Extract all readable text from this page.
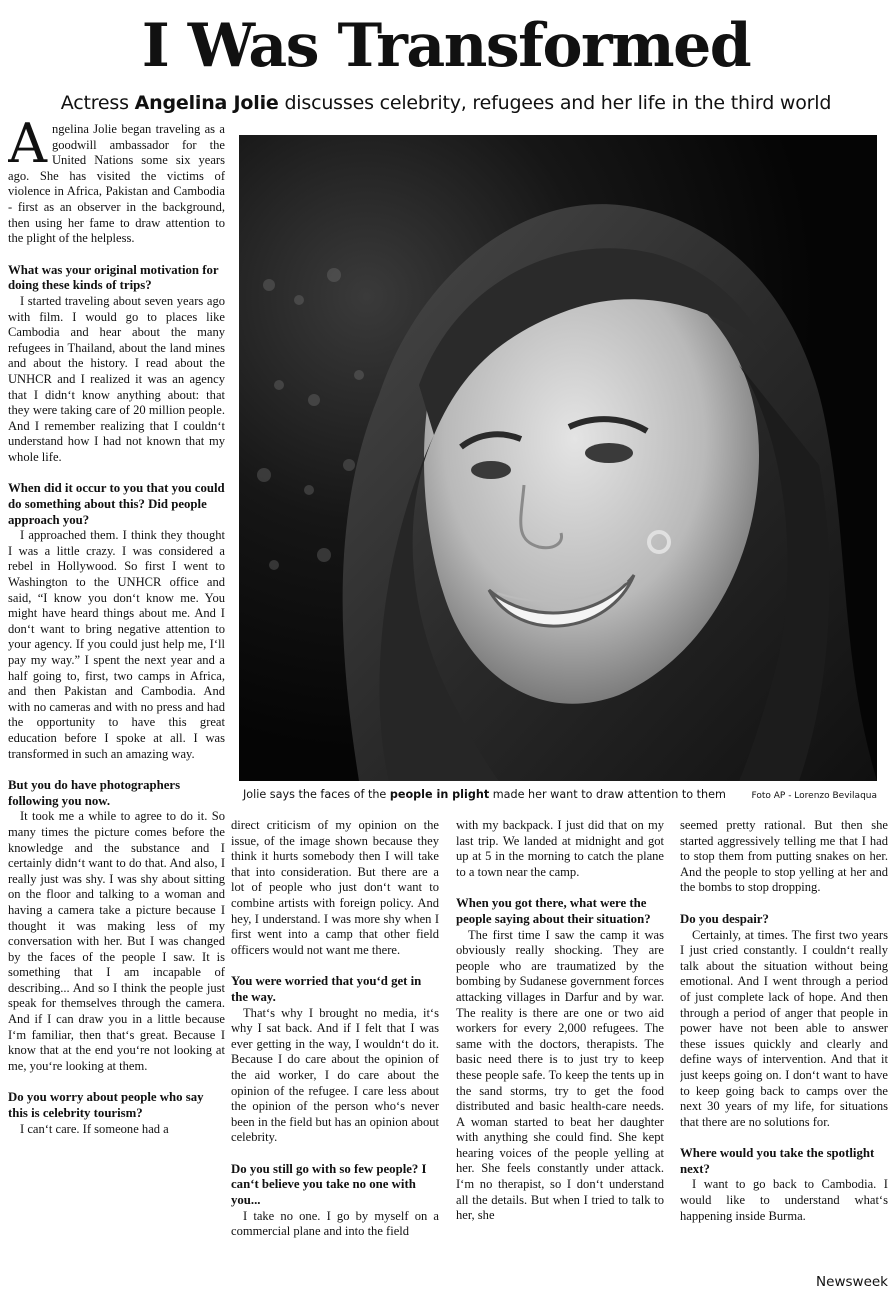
I Was Transformed
Actress Angelina Jolie discusses celebrity, refugees and her life in the third world

Angelina Jolie began traveling as a goodwill ambassador for the United Nations some six years ago. She has visited the victims of violence in Africa, Pakistan and Cambodia - first as an observer in the background, then using her fame to draw attention to the plight of the helpless.

What was your original motivation for doing these kinds of trips?

I started traveling about seven years ago with film. I would go to places like Cambodia and hear about the many refugees in Thailand, about the land mines and about the history. I read about the UNHCR and I realized it was an agency that I didn‘t know anything about: that they were taking care of 20 million people. And I remember realizing that I couldn‘t understand how I had not known that my whole life.

When did it occur to you that you could do something about this? Did people approach you?

I approached them. I think they thought I was a little crazy. I was considered a rebel in Hollywood. So first I went to Washington to the UNHCR office and said, “I know you don‘t know me. You might have heard things about me. And I don‘t want to bring negative attention to your agency. If you could just help me, I‘ll pay my way.” I spent the next year and a half going to, first, two camps in Africa, and then Pakistan and Cambodia. And with no cameras and with no press and had the opportunity to have this great education before I spoke at all. I was transformed in such an amazing way.

But you do have photographers following you now.

It took me a while to agree to do it. So many times the picture comes before the knowledge and the substance and I certainly didn‘t want to do that. And also, I really just was shy. I was shy about sitting on the floor and talking to a woman and having a camera take a picture because I thought it was making less of my conversation with her. But I was changed by the faces of the people I saw. It is something that I am incapable of describing... And so I think the people just speak for themselves through the camera. And if I can draw you in a little because I‘m familiar, then that‘s great. Because I know that at the end you‘re not looking at me, you‘re looking at them.

Do you worry about people who say this is celebrity tourism?

I can‘t care. If someone had a

Jolie says the faces of the people in plight made her want to draw attention to them	Foto AP - Lorenzo Bevilaqua

direct criticism of my opinion on the issue, of the image shown because they think it hurts somebody then I will take that into consideration. But there are a lot of people who just don‘t want to combine artists with foreign policy. And hey, I understand. I was more shy when I first went into a camp that other field officers would not want me there.

You were worried that you‘d get in the way.

That‘s why I brought no media, it‘s why I sat back. And if I felt that I was ever getting in the way, I wouldn‘t do it. Because I do care about the opinion of the aid worker, I do care about the opinion of the refugee. I care less about the opinion of the person who‘s never been in the field but has an opinion about celebrity.

Do you still go with so few people? I can‘t believe you take no one with you...

I take no one. I go by myself on a commercial plane and into the field

with my backpack. I just did that on my last trip. We landed at midnight and got up at 5 in the morning to catch the plane to a town near the camp.

When you got there, what were the people saying about their situation?

The first time I saw the camp it was obviously really shocking. They are people who are traumatized by the bombing by Sudanese government forces attacking villages in Darfur and by war. The reality is there are one or two aid workers for every 2,000 refugees. The same with the doctors, therapists. The basic need there is to just try to keep these people safe. To keep the tents up in the sand storms, try to get the food distributed and basic health-care needs. A woman started to beat her daughter with anything she could find. She kept hearing voices of the people yelling at her. She feels constantly under attack. I‘m no therapist, so I don‘t understand all the details. But when I tried to talk to her, she

seemed pretty rational. But then she started aggressively telling me that I had to stop them from putting snakes on her. And the people to stop yelling at her and the bombs to stop dropping.

Do you despair?

Certainly, at times. The first two years I just cried constantly. I couldn‘t really talk about the situation without being emotional. And I went through a period of just complete lack of hope. And then through a period of anger that people in power have not been able to answer these issues quickly and clearly and define ways of intervention. And that it just keeps going on. I don‘t want to have to keep going back to camps over the next 30 years of my life, for situations that there are no solutions for.

Where would you take the spotlight next?

I want to go back to Cambodia. I would like to understand what‘s happening inside Burma.

Newsweek
